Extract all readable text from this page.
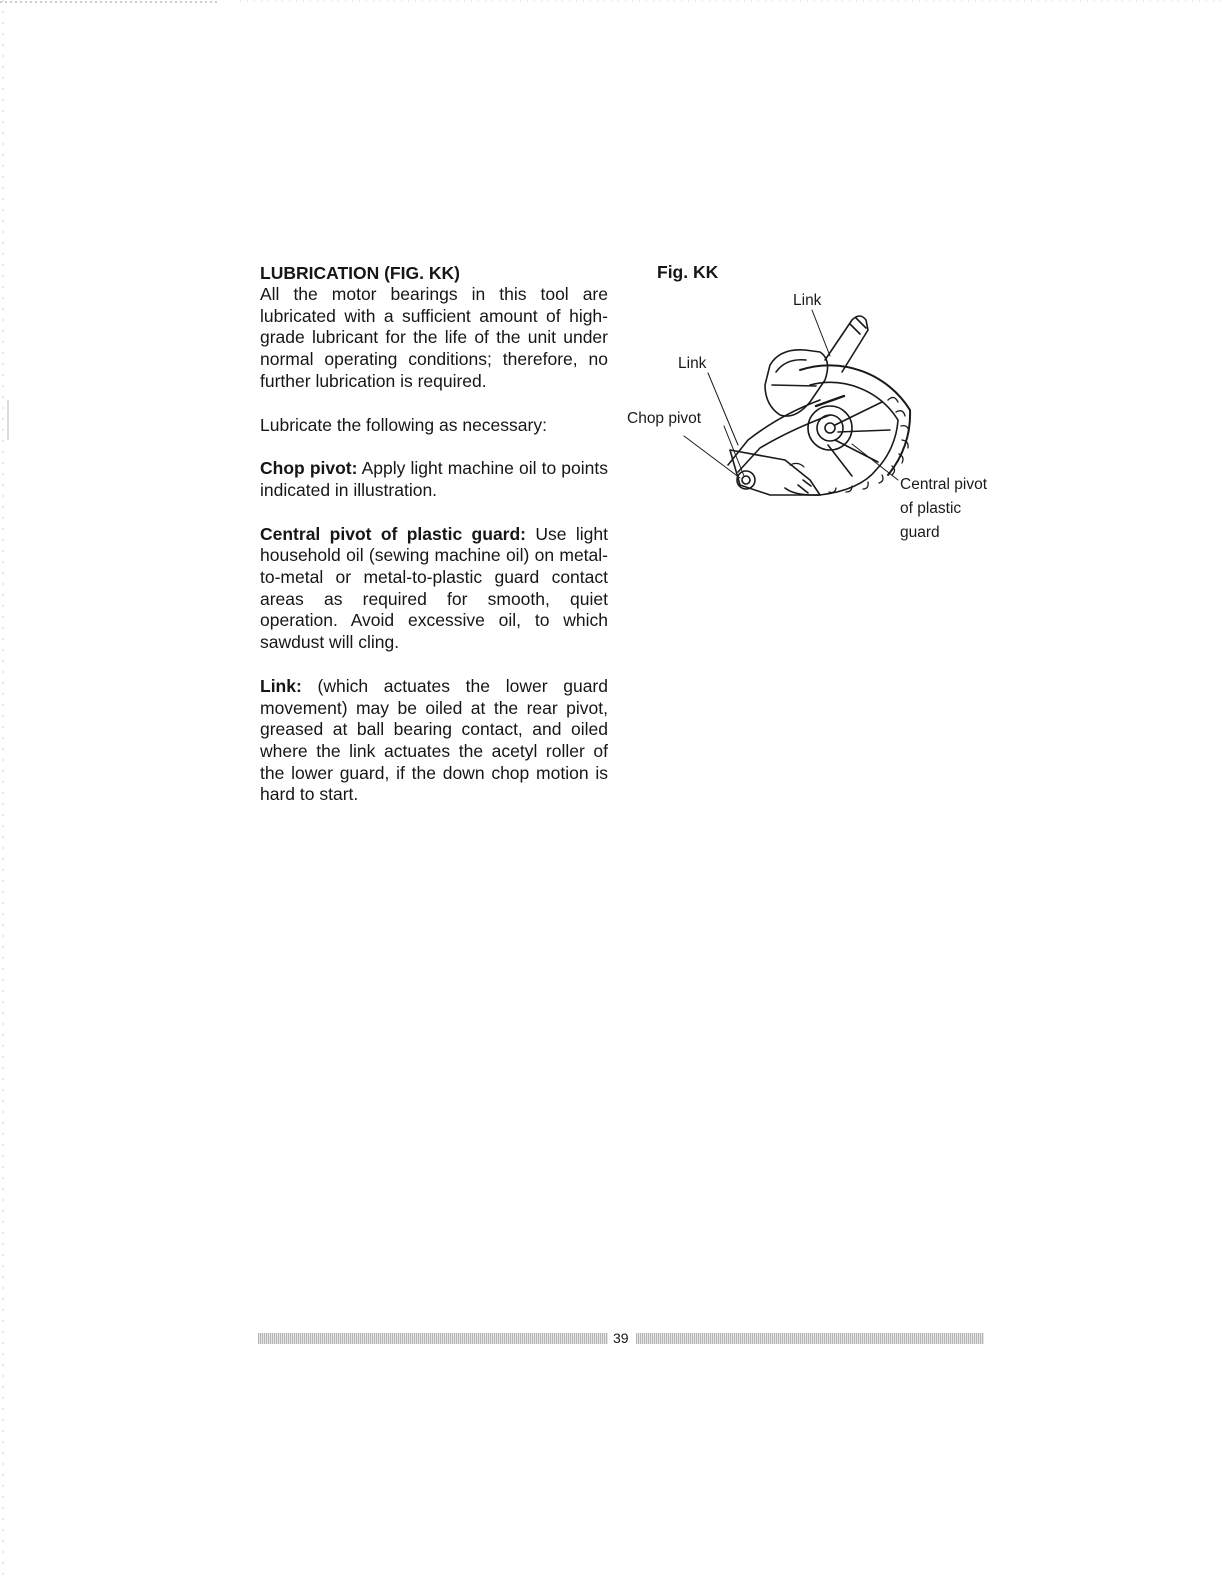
LUBRICATION (FIG. KK)

All the motor bearings in this tool are lubricated with a sufficient amount of high-grade lubricant for the life of the unit under normal operating conditions; therefore, no further lubrication is required.

Lubricate the following as necessary:

Chop pivot: Apply light machine oil to points indicated in illustration.

Central pivot of plastic guard: Use light household oil (sewing machine oil) on metal-to-metal or metal-to-plastic guard contact areas as required for smooth, quiet operation. Avoid excessive oil, to which sawdust will cling.

Link: (which actuates the lower guard movement) may be oiled at the rear pivot, greased at ball bearing contact, and oiled where the link actuates the acetyl roller of the lower guard, if the down chop motion is hard to start.

Fig. KK
Link
Link
Chop pivot
Central pivot
of plastic
guard
39
